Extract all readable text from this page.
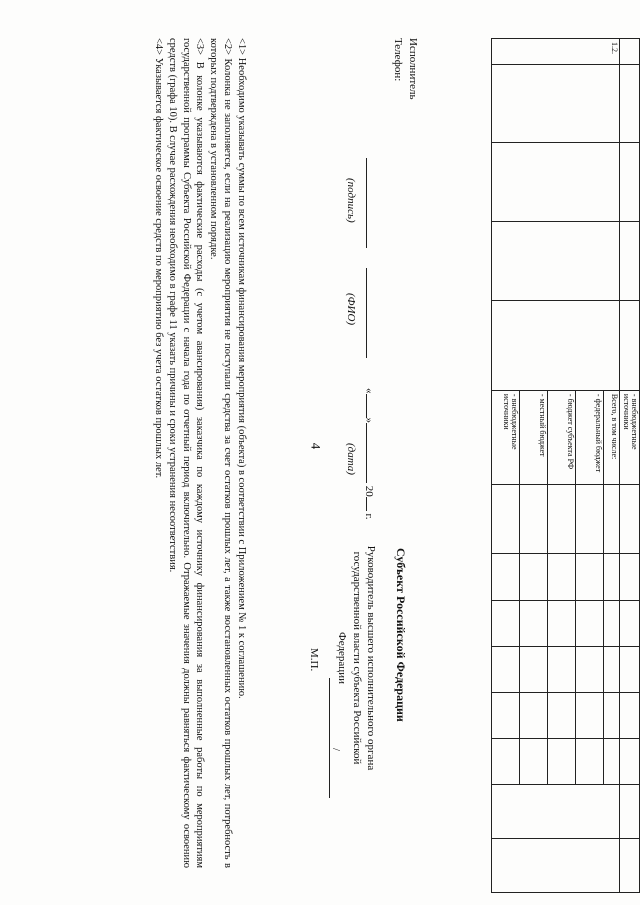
4
						- внебюджетные источники								
1.2.					Всего, в том числе:								
					- федеральный бюджет								
					- бюджет субъекта РФ								
					- местный бюджет								
					- внебюджетные источники								
Исполнитель
Телефон:
(подпись)
(ФИО)
«» 20 г.
(дата)
Субъект Российской Федерации
Руководитель высшего исполнительного органа государственной власти субъекта Российской Федерации
/
М.П.

<1> Необходимо указывать суммы по всем источникам финансирования мероприятия (объекта) в соответствии с Приложением № 1 к соглашению.

<2> Колонка не заполняется, если на реализацию мероприятия не поступали средства за счет остатков прошлых лет, а также восстановленных остатков прошлых лет, потребность в которых подтверждена в установленном порядке.

<3> В колонке указываются фактические расходы (с учетом авансирования) заказчика по каждому источнику финансирования за выполненные работы по мероприятиям государственной программы Субъекта Российской Федерации с начала года по отчетный период включительно. Отражаемые значения должны равняться фактическому освоению средств (графа 10). В случае расхождения необходимо в графе 11 указать причины и сроки устранения несоответствия.

<4> Указывается фактическое освоение средств по мероприятию без учета остатков прошлых лет.
